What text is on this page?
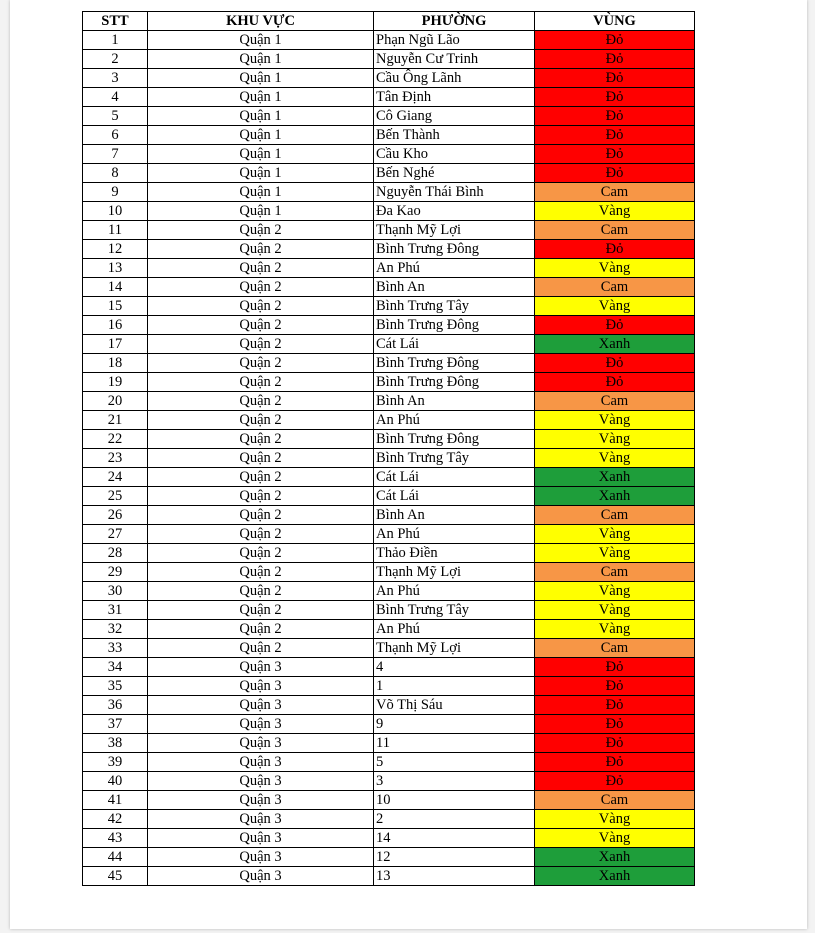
STT	KHU VỰC	PHƯỜNG	VÙNG
1	Quận 1	Phạn Ngũ Lão	Đỏ
2	Quận 1	Nguyễn Cư Trinh	Đỏ
3	Quận 1	Cầu Ông Lãnh	Đỏ
4	Quận 1	Tân Định	Đỏ
5	Quận 1	Cô Giang	Đỏ
6	Quận 1	Bến Thành	Đỏ
7	Quận 1	Cầu Kho	Đỏ
8	Quận 1	Bến Nghé	Đỏ
9	Quận 1	Nguyễn Thái Bình	Cam
10	Quận 1	Đa Kao	Vàng
11	Quận 2	Thạnh Mỹ Lợi	Cam
12	Quận 2	Bình Trưng Đông	Đỏ
13	Quận 2	An Phú	Vàng
14	Quận 2	Bình An	Cam
15	Quận 2	Bình Trưng Tây	Vàng
16	Quận 2	Bình Trưng Đông	Đỏ
17	Quận 2	Cát Lái	Xanh
18	Quận 2	Bình Trưng Đông	Đỏ
19	Quận 2	Bình Trưng Đông	Đỏ
20	Quận 2	Bình An	Cam
21	Quận 2	An Phú	Vàng
22	Quận 2	Bình Trưng Đông	Vàng
23	Quận 2	Bình Trưng Tây	Vàng
24	Quận 2	Cát Lái	Xanh
25	Quận 2	Cát Lái	Xanh
26	Quận 2	Bình An	Cam
27	Quận 2	An Phú	Vàng
28	Quận 2	Thảo Điền	Vàng
29	Quận 2	Thạnh Mỹ Lợi	Cam
30	Quận 2	An Phú	Vàng
31	Quận 2	Bình Trưng Tây	Vàng
32	Quận 2	An Phú	Vàng
33	Quận 2	Thạnh Mỹ Lợi	Cam
34	Quận 3	4	Đỏ
35	Quận 3	1	Đỏ
36	Quận 3	Võ Thị Sáu	Đỏ
37	Quận 3	9	Đỏ
38	Quận 3	11	Đỏ
39	Quận 3	5	Đỏ
40	Quận 3	3	Đỏ
41	Quận 3	10	Cam
42	Quận 3	2	Vàng
43	Quận 3	14	Vàng
44	Quận 3	12	Xanh
45	Quận 3	13	Xanh
